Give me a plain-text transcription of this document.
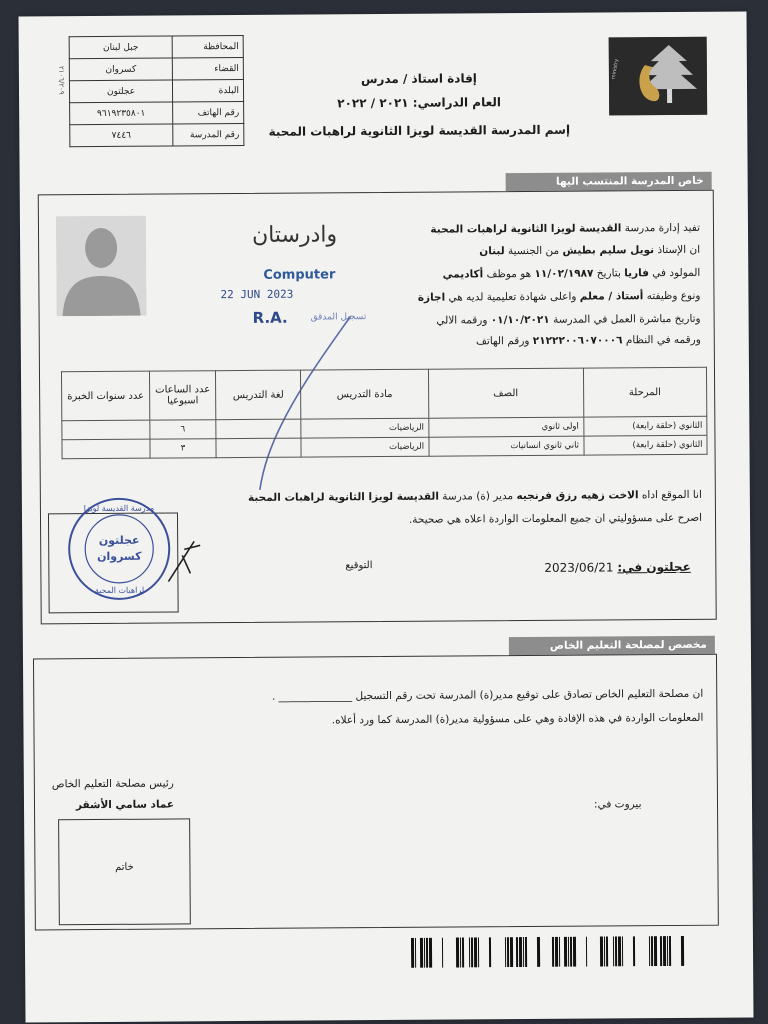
المحافظة	جبل لبنان
القضاء	كسروان
البلدة	عجلتون
رقم الهاتف	٩٦١٩٢٣٥٨٠١
رقم المدرسة	٧٤٤٦
٢١٠٦/٢٠٩	إفادة استاذ / مدرس
العام الدراسي: ٢٠٢١ / ٢٠٢٢
إسم المدرسة القديسة لويزا الثانوية لراهبات المحبة
ministry
خاص المدرسة المنتسب اليها
تفيد إدارة مدرسة القديسة لويزا الثانوية لراهبات المحبة
ان الإستاذ نويل سليم بطيش من الجنسية لبنان
المولود في فاريا بتاريخ ١١/٠٢/١٩٨٧ هو موظف أكاديمي
ونوع وظيفته أستاذ / معلم واعلى شهادة تعليمية لديه هي اجازة
وتاريخ مباشرة العمل في المدرسة ٠١/١٠/٢٠٢١ ورقمه الالي
ورقمه في النظام ٢١٢٢٢٠٠٦٠٧٠٠٠٦ ورقم الهاتف
وادرستان
Computer
22 JUN 2023
R.A.	تسجيل المدقق
المرحلة	الصف	مادة التدريس	لغة التدريس	عدد الساعات اسبوعيا	عدد سنوات الخبرة
الثانوي (حلقة رابعة)	اولى ثانوي	الرياضيات		٦	
الثانوي (حلقة رابعة)	ثاني ثانوي انسانيات	الرياضيات		٣	
انا الموقع اداه الاخت زهيه رزق فرنجيه مدير (ة) مدرسة القديسة لويزا الثانوية لراهبات المحبة
اصرح على مسؤوليتي ان جميع المعلومات الواردة اعلاه هي صحيحة.
مدرسة القديسة لويزا
عجلتون
كسروان
لراهبات المحبة
التوقيع	عجلتون في: 2023/06/21
مخصص لمصلحة التعليم الخاص
ان مصلحة التعليم الخاص تصادق على توقيع مدير(ة) المدرسة تحت رقم التسجيل ______________ .
المعلومات الواردة في هذه الإفادة وهي على مسؤولية مدير(ة) المدرسة كما ورد أعلاه.
رئيس مصلحة التعليم الخاص
عماد سامي الأشقر	بيروت في:
خاتم
